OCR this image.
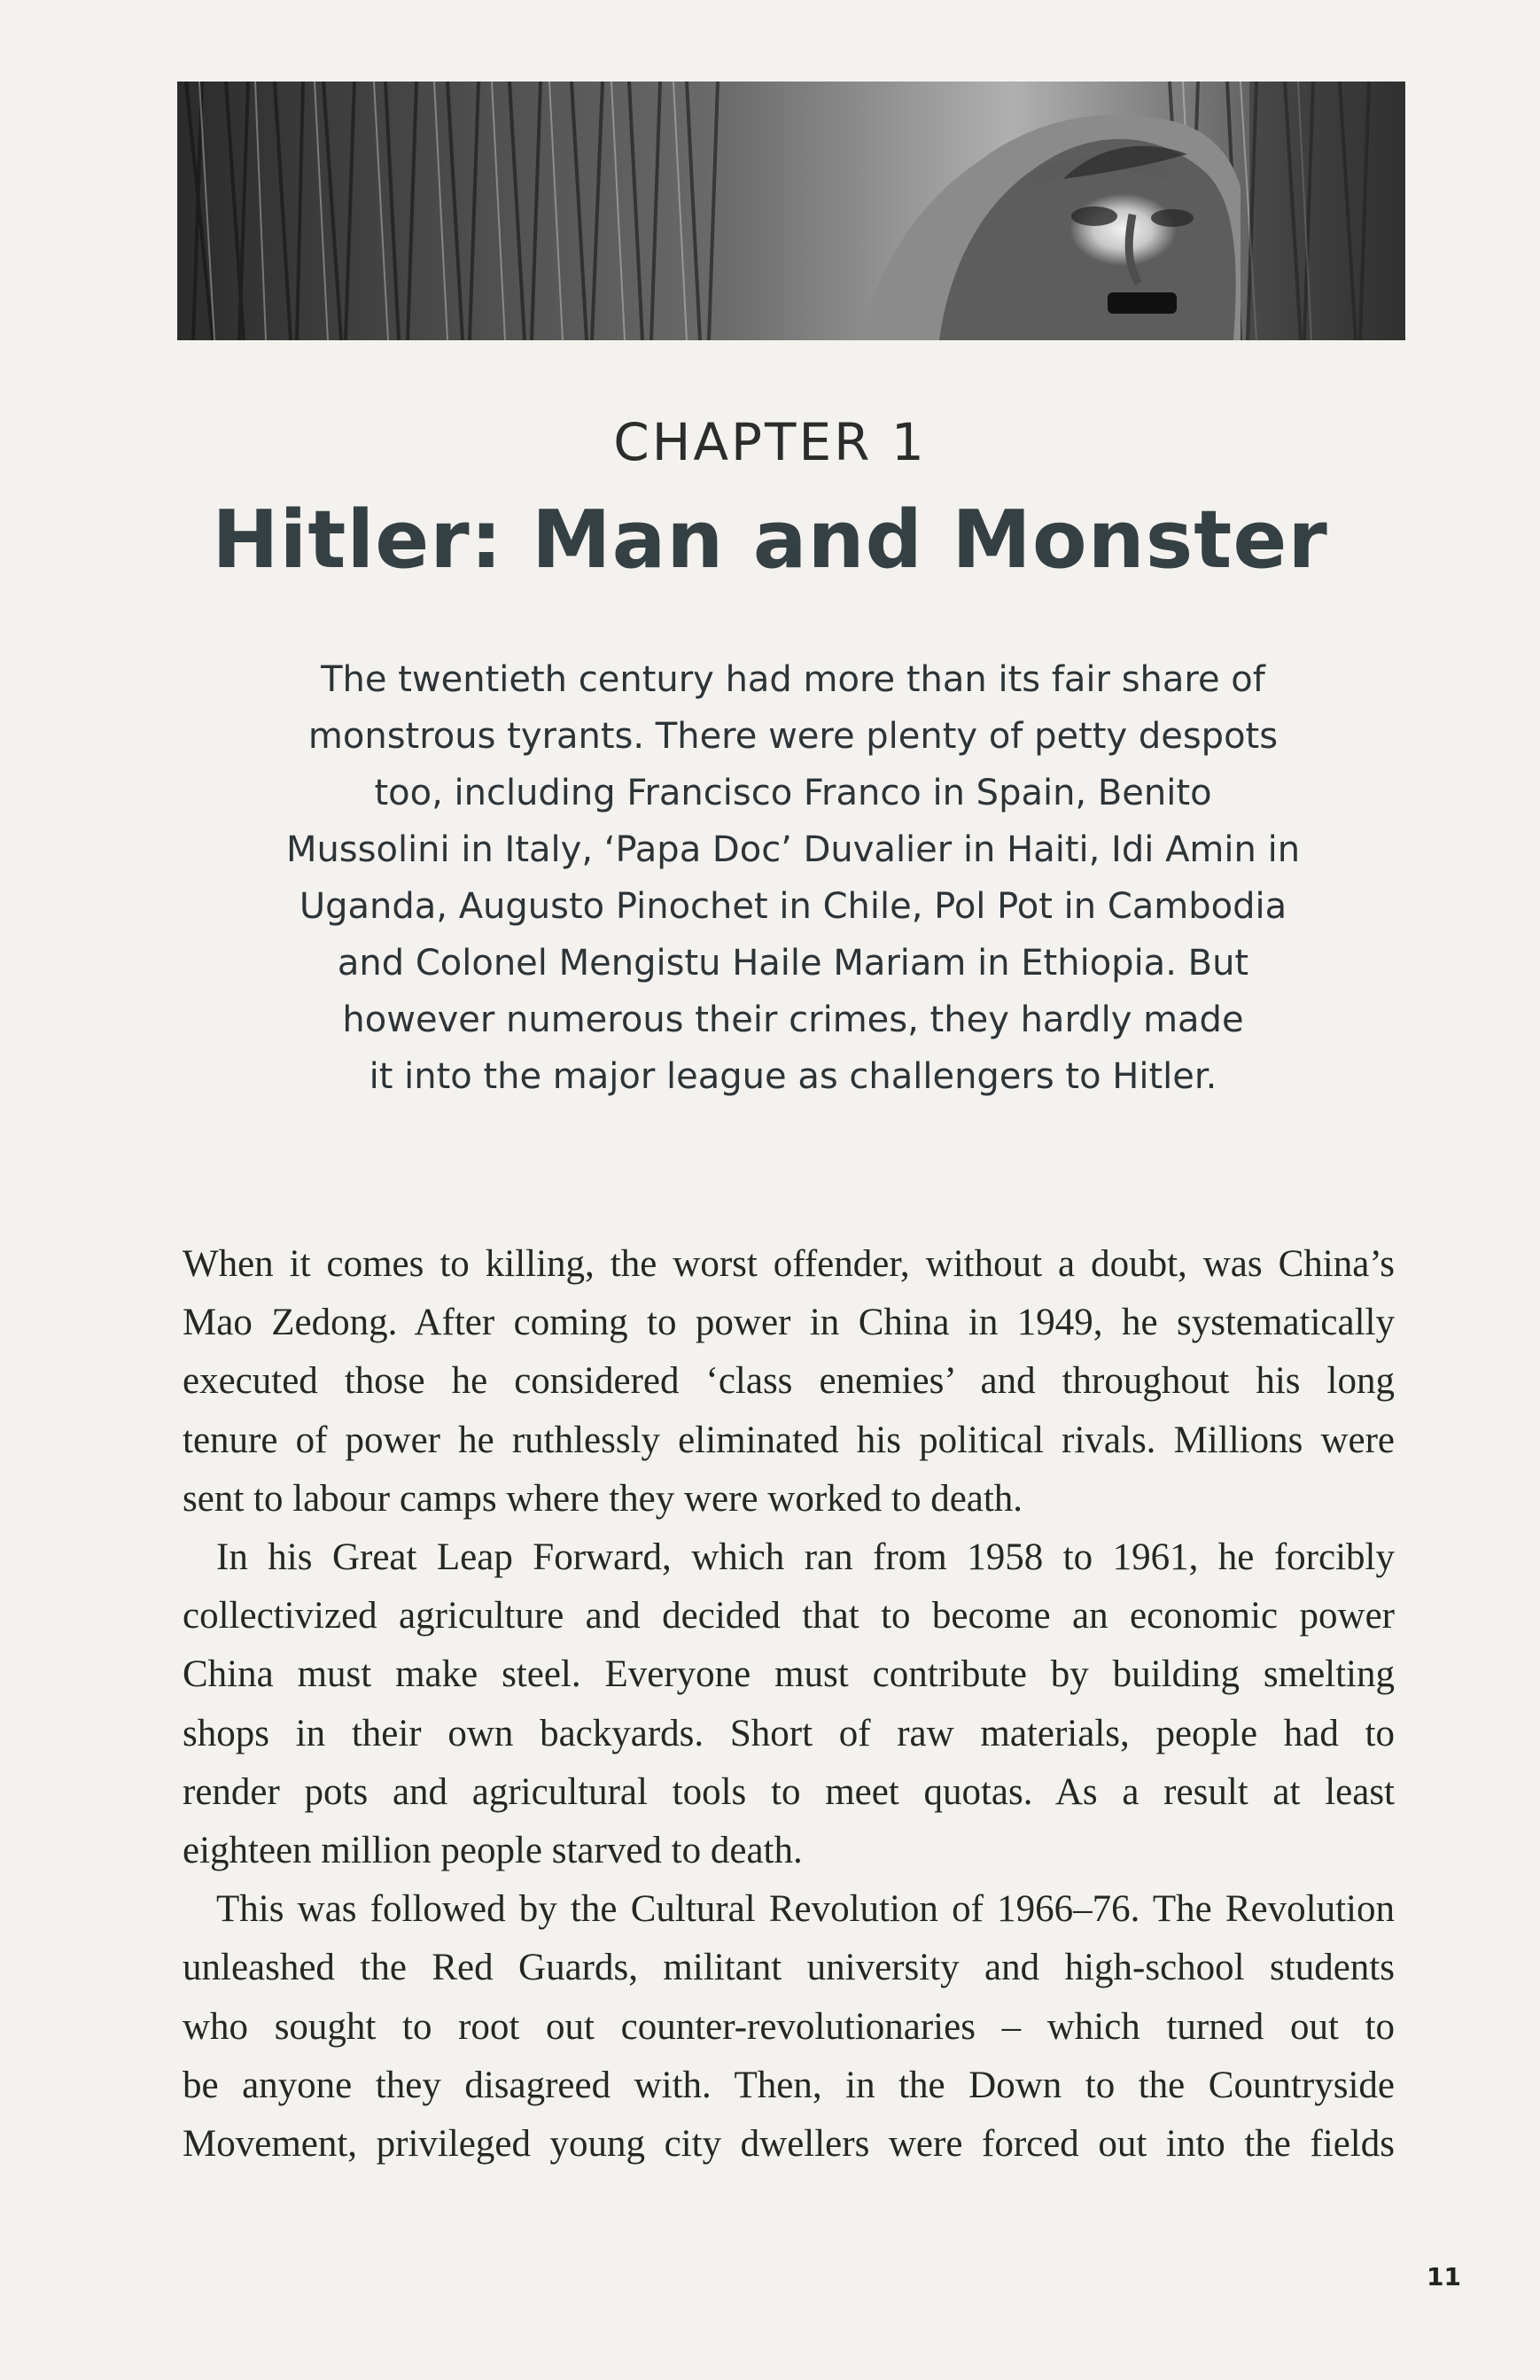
CHAPTER 1
Hitler: Man and Monster
The twentieth century had more than its fair share of
monstrous tyrants. There were plenty of petty despots
too, including Francisco Franco in Spain, Benito
Mussolini in Italy, ‘Papa Doc’ Duvalier in Haiti, Idi Amin in
Uganda, Augusto Pinochet in Chile, Pol Pot in Cambodia
and Colonel Mengistu Haile Mariam in Ethiopia. But
however numerous their crimes, they hardly made
it into the major league as challengers to Hitler.

When it comes to killing, the worst offender, without a doubt, was China’s
Mao Zedong. After coming to power in China in 1949, he systematically
executed those he considered ‘class enemies’ and throughout his long
tenure of power he ruthlessly eliminated his political rivals. Millions were
sent to labour camps where they were worked to death.

In his Great Leap Forward, which ran from 1958 to 1961, he forcibly
collectivized agriculture and decided that to become an economic power
China must make steel. Everyone must contribute by building smelting
shops in their own backyards. Short of raw materials, people had to
render pots and agricultural tools to meet quotas. As a result at least
eighteen million people starved to death.

This was followed by the Cultural Revolution of 1966–76. The Revolution
unleashed the Red Guards, militant university and high-school students
who sought to root out counter-revolutionaries – which turned out to
be anyone they disagreed with. Then, in the Down to the Countryside
Movement, privileged young city dwellers were forced out into the fields

11
